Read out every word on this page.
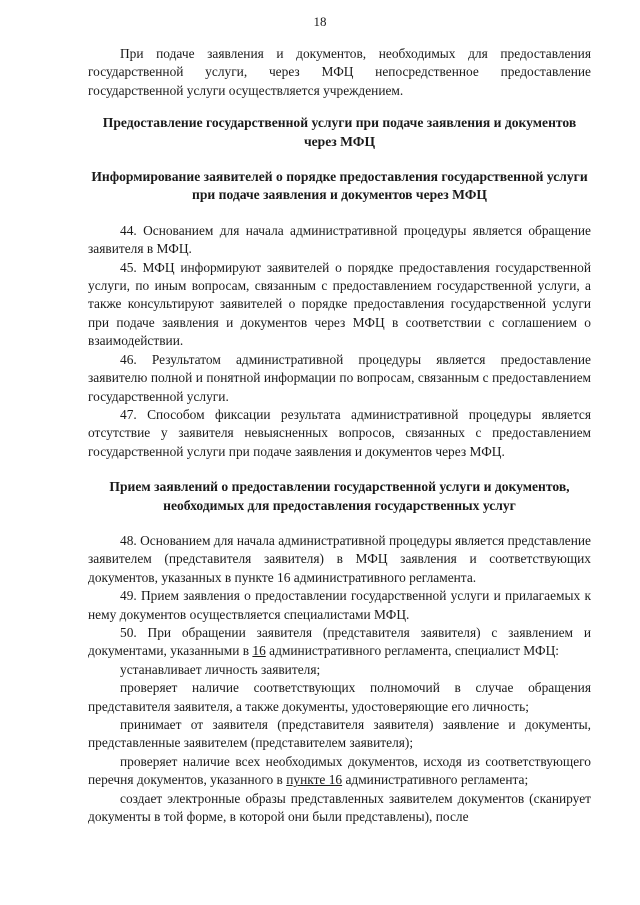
18

При подаче заявления и документов, необходимых для предоставления государственной услуги, через МФЦ непосредственное предоставление государственной услуги осуществляется учреждением.

Предоставление государственной услуги при подаче заявления и документов через МФЦ
Информирование заявителей о порядке предоставления государственной услуги при подаче заявления и документов через МФЦ

44. Основанием для начала административной процедуры является обращение заявителя в МФЦ.

45. МФЦ информируют заявителей о порядке предоставления государственной услуги, по иным вопросам, связанным с предоставлением государственной услуги, а также консультируют заявителей о порядке предоставления государственной услуги при подаче заявления и документов через МФЦ в соответствии с соглашением о взаимодействии.

46. Результатом административной процедуры является предоставление заявителю полной и понятной информации по вопросам, связанным с предоставлением государственной услуги.

47. Способом фиксации результата административной процедуры является отсутствие у заявителя невыясненных вопросов, связанных с предоставлением государственной услуги при подаче заявления и документов через МФЦ.

Прием заявлений о предоставлении государственной услуги и документов, необходимых для предоставления государственных услуг

48. Основанием для начала административной процедуры является представление заявителем (представителя заявителя) в МФЦ заявления и соответствующих документов, указанных в пункте 16 административного регламента.

49. Прием заявления о предоставлении государственной услуги и прилагаемых к нему документов осуществляется специалистами МФЦ.

50. При обращении заявителя (представителя заявителя) с заявлением и документами, указанными в 16 административного регламента, специалист МФЦ:

устанавливает личность заявителя;

проверяет наличие соответствующих полномочий в случае обращения представителя заявителя, а также документы, удостоверяющие его личность;

принимает от заявителя (представителя заявителя) заявление и документы, представленные заявителем (представителем заявителя);

проверяет наличие всех необходимых документов, исходя из соответствующего перечня документов, указанного в пункте 16 административного регламента;

создает электронные образы представленных заявителем документов (сканирует документы в той форме, в которой они были представлены), после
